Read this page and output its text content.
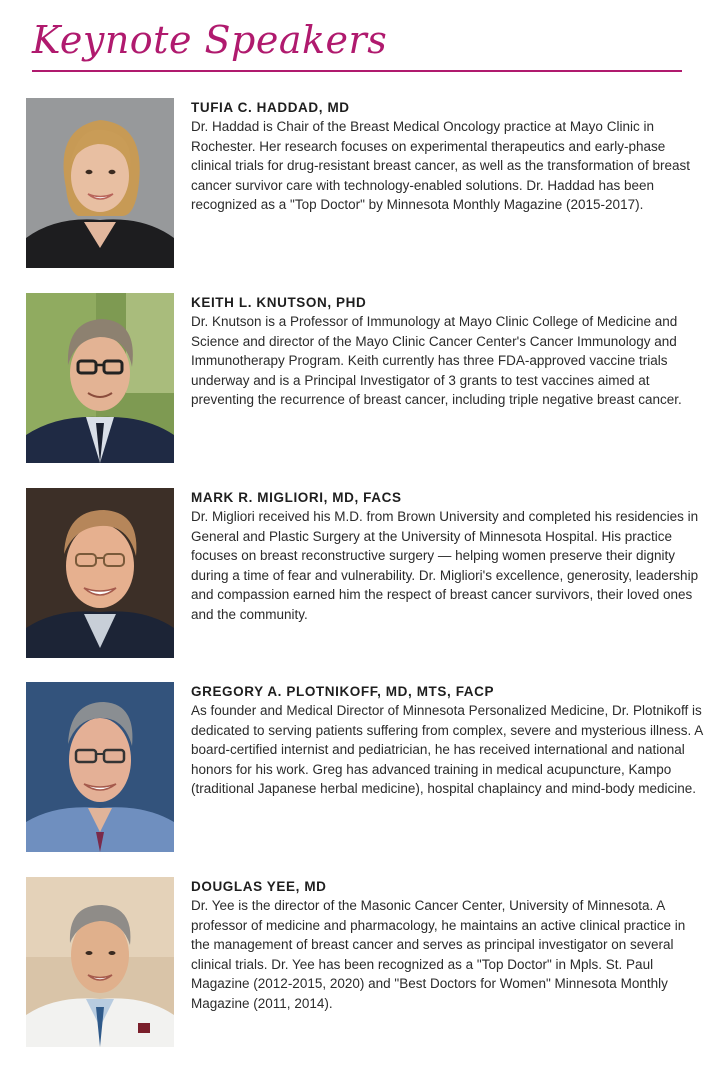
Keynote Speakers

TUFIA C. HADDAD, MD

Dr. Haddad is Chair of the Breast Medical Oncology practice at Mayo Clinic in Rochester. Her research focuses on experimental therapeutics and early-phase clinical trials for drug-resistant breast cancer, as well as the transformation of breast cancer survivor care with technology-enabled solutions. Dr. Haddad has been recognized as a "Top Doctor" by Minnesota Monthly Magazine (2015-2017).

KEITH L. KNUTSON, PHD

Dr. Knutson is a Professor of Immunology at Mayo Clinic College of Medicine and Science and director of the Mayo Clinic Cancer Center's Cancer Immunology and Immunotherapy Program. Keith currently has three FDA-approved vaccine trials underway and is a Principal Investigator of 3 grants to test vaccines aimed at preventing the recurrence of breast cancer, including triple negative breast cancer.

MARK R. MIGLIORI, MD, FACS

Dr. Migliori received his M.D. from Brown University and completed his residencies in General and Plastic Surgery at the University of Minnesota Hospital. His practice focuses on breast reconstructive surgery — helping women preserve their dignity during a time of fear and vulnerability. Dr. Migliori's excellence, generosity, leadership and compassion earned him the respect of breast cancer survivors, their loved ones and the community.

GREGORY A. PLOTNIKOFF, MD, MTS, FACP

As founder and Medical Director of Minnesota Personalized Medicine, Dr. Plotnikoff is dedicated to serving patients suffering from complex, severe and mysterious illness. A board-certified internist and pediatrician, he has received international and national honors for his work. Greg has advanced training in medical acupuncture, Kampo (traditional Japanese herbal medicine), hospital chaplaincy and mind-body medicine.

DOUGLAS YEE, MD

Dr. Yee is the director of the Masonic Cancer Center, University of Minnesota. A professor of medicine and pharmacology, he maintains an active clinical practice in the management of breast cancer and serves as principal investigator on several clinical trials. Dr. Yee has been recognized as a "Top Doctor" in Mpls. St. Paul Magazine (2012-2015, 2020) and "Best Doctors for Women" Minnesota Monthly Magazine (2011, 2014).
